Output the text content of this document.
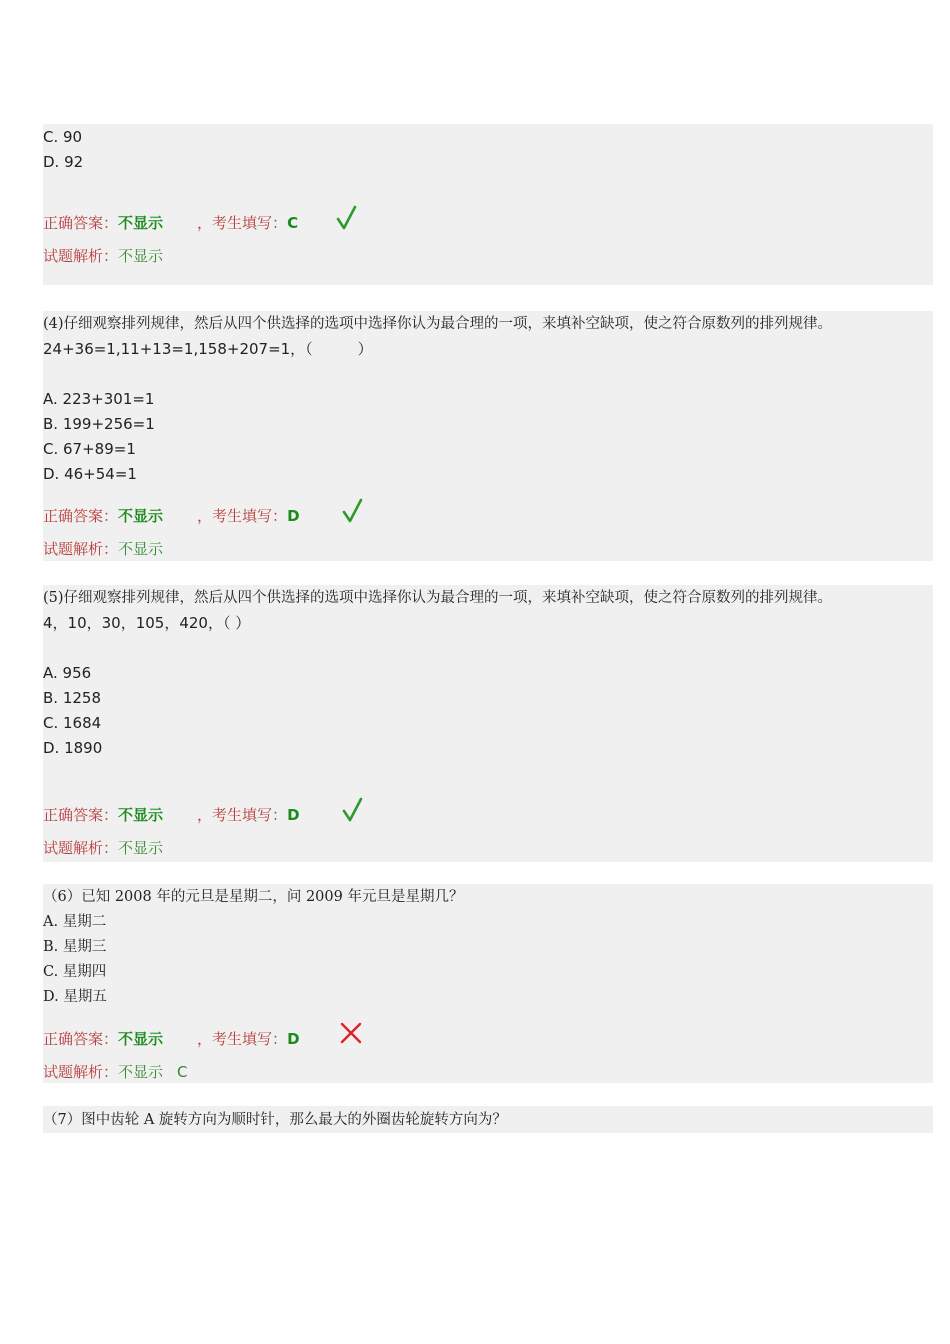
C. 90
D. 92
正确答案：不显示 ，考生填写：C
试题解析：不显示
(4)仔细观察排列规律，然后从四个供选择的选项中选择你认为最合理的一项，来填补空缺项，使之符合原数列的排列规律。
24+36=1,11+13=1,158+207=1，（　　　）
A. 223+301=1
B. 199+256=1
C. 67+89=1
D. 46+54=1
正确答案：不显示 ，考生填写：D
试题解析：不显示
(5)仔细观察排列规律，然后从四个供选择的选项中选择你认为最合理的一项，来填补空缺项，使之符合原数列的排列规律。
4，10，30，105，420，（ ）
A. 956
B. 1258
C. 1684
D. 1890
正确答案：不显示 ，考生填写：D
试题解析：不显示
（6）已知 2008 年的元旦是星期二，问 2009 年元旦是星期几？
A. 星期二
B. 星期三
C. 星期四
D. 星期五
正确答案：不显示 ，考生填写：D
试题解析：不显示 C
（7）图中齿轮 A 旋转方向为顺时针，那么最大的外圈齿轮旋转方向为？
